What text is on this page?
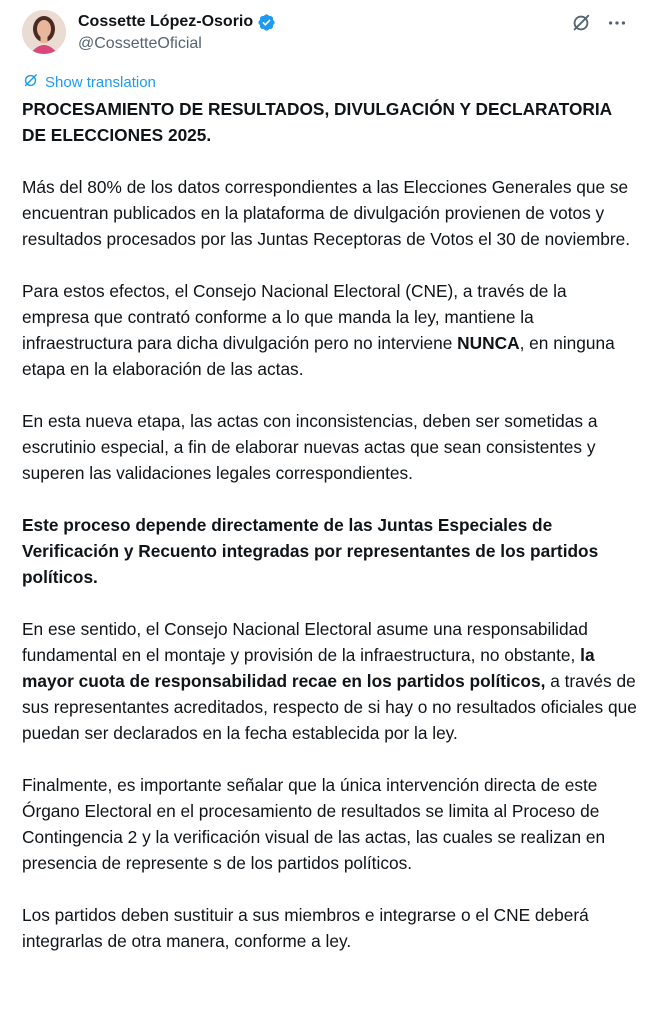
Cossette López-Osorio
@CossetteOficial
Show translation

PROCESAMIENTO DE RESULTADOS, DIVULGACIÓN Y DECLARATORIA DE ELECCIONES 2025.

Más del 80% de los datos correspondientes a las Elecciones Generales que se encuentran publicados en la plataforma de divulgación provienen de votos y resultados procesados por las Juntas Receptoras de Votos el 30 de noviembre.

Para estos efectos, el Consejo Nacional Electoral (CNE), a través de la empresa que contrató conforme a lo que manda la ley, mantiene la infraestructura para dicha divulgación pero no interviene NUNCA, en ninguna etapa en la elaboración de las actas.

En esta nueva etapa, las actas con inconsistencias, deben ser sometidas a escrutinio especial, a fin de elaborar nuevas actas que sean consistentes y superen las validaciones legales correspondientes.

Este proceso depende directamente de las Juntas Especiales de Verificación y Recuento integradas por representantes de los partidos políticos.

En ese sentido, el Consejo Nacional Electoral asume una responsabilidad fundamental en el montaje y provisión de la infraestructura, no obstante, la mayor cuota de responsabilidad recae en los partidos políticos, a través de sus representantes acreditados, respecto de si hay o no resultados oficiales que puedan ser declarados en la fecha establecida por la ley.

Finalmente, es importante señalar que la única intervención directa de este Órgano Electoral en el procesamiento de resultados se limita al Proceso de Contingencia 2 y la verificación visual de las actas, las cuales se realizan en presencia de represente s de los partidos políticos.

Los partidos deben sustituir a sus miembros e integrarse o el CNE deberá integrarlas de otra manera, conforme a ley.
